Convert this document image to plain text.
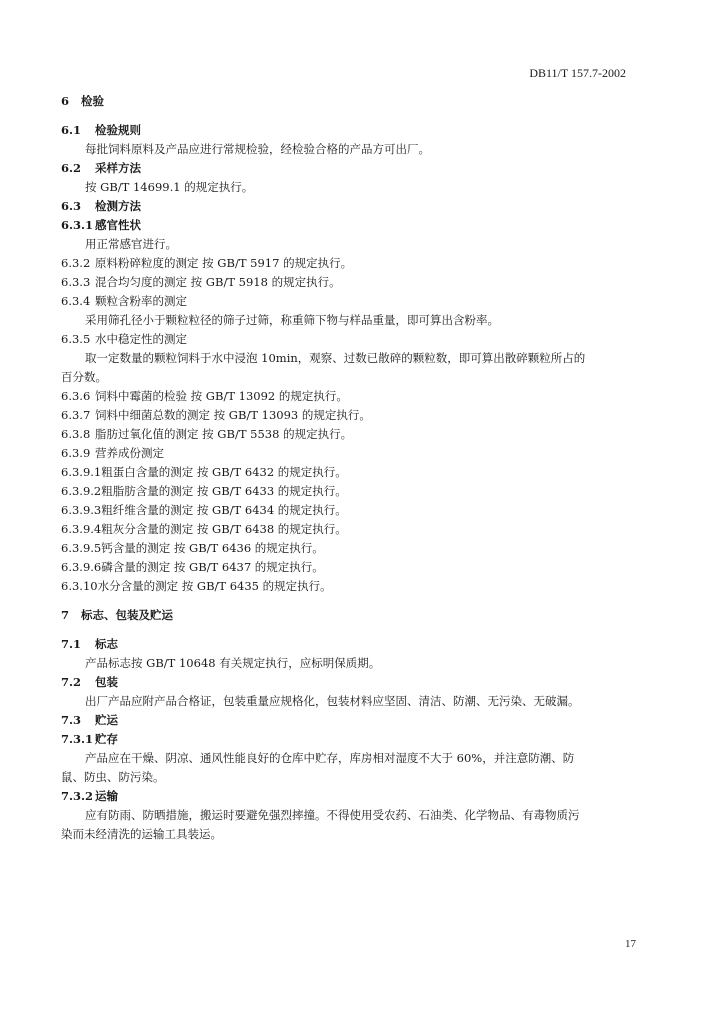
DB11/T 157.7-2002
6 检验
6.1 检验规则
每批饲料原料及产品应进行常规检验，经检验合格的产品方可出厂。
6.2 采样方法
按 GB/T 14699.1 的规定执行。
6.3 检测方法
6.3.1 感官性状
用正常感官进行。
6.3.2 原料粉碎粒度的测定 按 GB/T 5917 的规定执行。
6.3.3 混合均匀度的测定 按 GB/T 5918 的规定执行。
6.3.4 颗粒含粉率的测定
采用筛孔径小于颗粒粒径的筛子过筛，称重筛下物与样品重量，即可算出含粉率。
6.3.5 水中稳定性的测定
取一定数量的颗粒饲料于水中浸泡 10min，观察、过数已散碎的颗粒数，即可算出散碎颗粒所占的
百分数。
6.3.6 饲料中霉菌的检验 按 GB/T 13092 的规定执行。
6.3.7 饲料中细菌总数的测定 按 GB/T 13093 的规定执行。
6.3.8 脂肪过氧化值的测定 按 GB/T 5538 的规定执行。
6.3.9 营养成份测定
6.3.9.1粗蛋白含量的测定 按 GB/T 6432 的规定执行。
6.3.9.2粗脂肪含量的测定 按 GB/T 6433 的规定执行。
6.3.9.3粗纤维含量的测定 按 GB/T 6434 的规定执行。
6.3.9.4粗灰分含量的测定 按 GB/T 6438 的规定执行。
6.3.9.5钙含量的测定 按 GB/T 6436 的规定执行。
6.3.9.6磷含量的测定 按 GB/T 6437 的规定执行。
6.3.10水分含量的测定 按 GB/T 6435 的规定执行。
7 标志、包装及贮运
7.1 标志
产品标志按 GB/T 10648 有关规定执行，应标明保质期。
7.2 包装
出厂产品应附产品合格证，包装重量应规格化，包装材料应坚固、清洁、防潮、无污染、无破漏。
7.3 贮运
7.3.1 贮存
产品应在干燥、阴凉、通风性能良好的仓库中贮存，库房相对湿度不大于 60%，并注意防潮、防
鼠、防虫、防污染。
7.3.2 运输
应有防雨、防晒措施，搬运时要避免强烈摔撞。不得使用受农药、石油类、化学物品、有毒物质污
染而未经清洗的运输工具装运。
17
